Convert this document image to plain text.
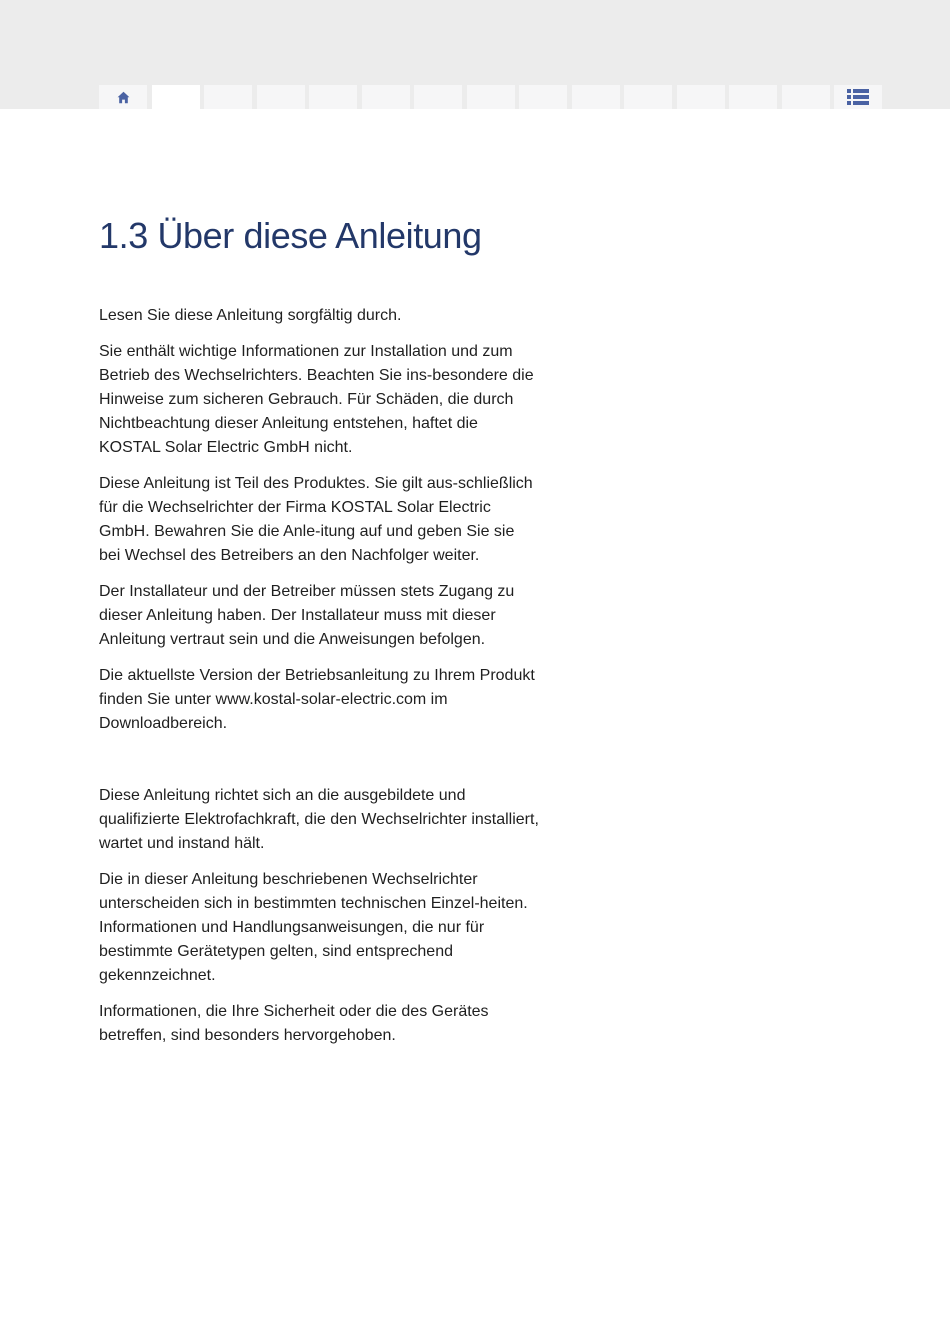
1.3 Über diese Anleitung

Lesen Sie diese Anleitung sorgfältig durch.

Sie enthält wichtige Informationen zur Installation und zum Betrieb des Wechselrichters. Beachten Sie ins-besondere die Hinweise zum sicheren Gebrauch. Für Schäden, die durch Nichtbeachtung dieser Anleitung entstehen, haftet die KOSTAL Solar Electric GmbH nicht.

Diese Anleitung ist Teil des Produktes. Sie gilt aus-schließlich für die Wechselrichter der Firma KOSTAL Solar Electric GmbH. Bewahren Sie die Anle-itung auf und geben Sie sie bei Wechsel des Betreibers an den Nachfolger weiter.

Der Installateur und der Betreiber müssen stets Zugang zu dieser Anleitung haben. Der Installateur muss mit dieser Anleitung vertraut sein und die Anweisungen befolgen.

Die aktuellste Version der Betriebsanleitung zu Ihrem Produkt finden Sie unter www.kostal-solar-electric.com im Downloadbereich.

Diese Anleitung richtet sich an die ausgebildete und qualifizierte Elektrofachkraft, die den Wechselrichter installiert, wartet und instand hält.

Die in dieser Anleitung beschriebenen Wechselrichter unterscheiden sich in bestimmten technischen Einzel-heiten. Informationen und Handlungsanweisungen, die nur für bestimmte Gerätetypen gelten, sind entsprechend gekennzeichnet.

Informationen, die Ihre Sicherheit oder die des Gerätes betreffen, sind besonders hervorgehoben.
